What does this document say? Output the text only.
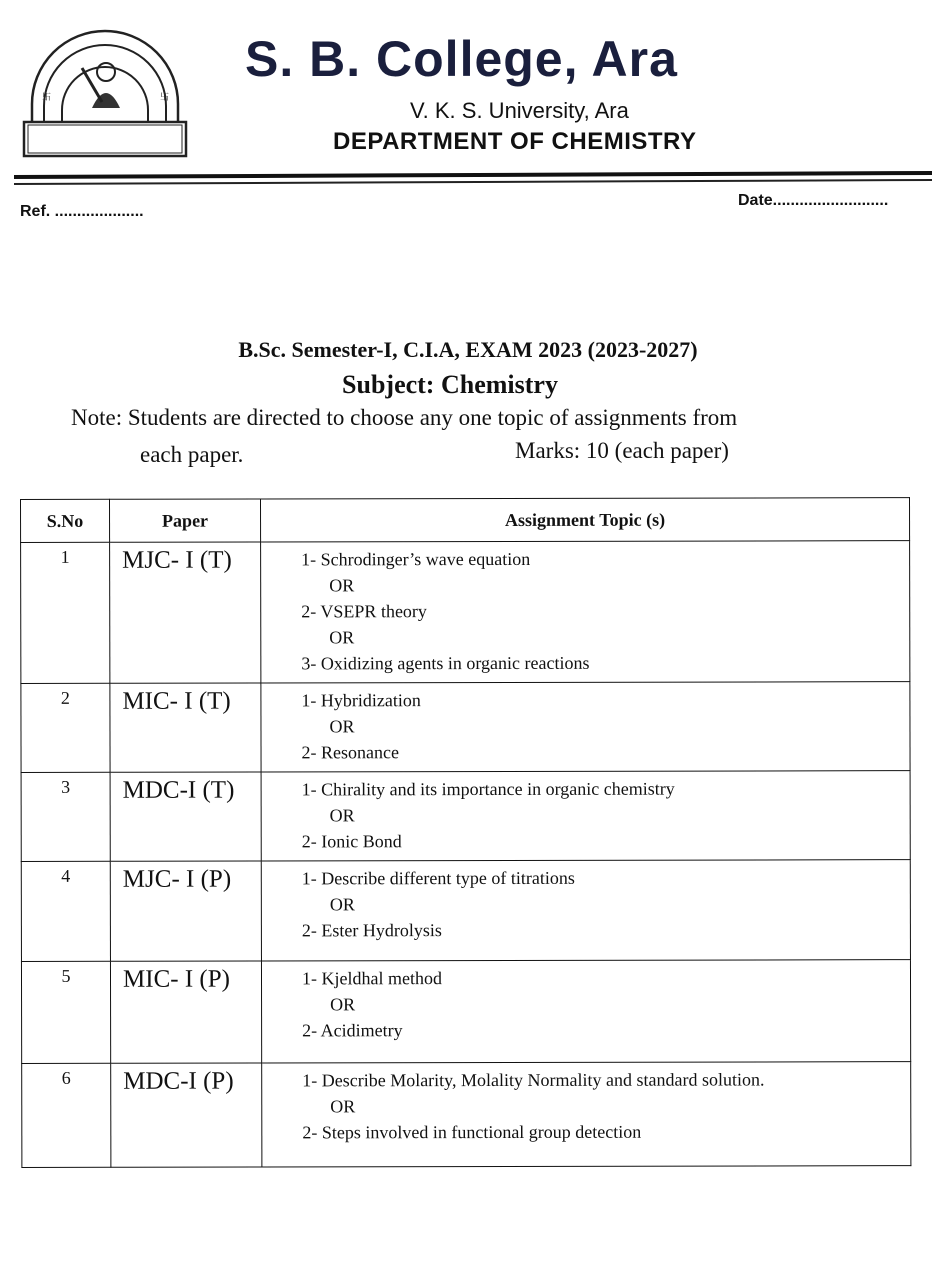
卐	卐
S. B. College, Ara
V. K. S. University, Ara
DEPARTMENT OF CHEMISTRY
Ref. ....................
Date..........................
B.Sc. Semester-I, C.I.A, EXAM 2023 (2023-2027)
Subject: Chemistry
Note: Students are directed to choose any one topic of assignments from
each paper.	Marks: 10 (each paper)
S.No	Paper	Assignment Topic (s)
1	MJC- I (T)	1- Schrodinger’s wave equation
OR
2- VSEPR theory
OR
3- Oxidizing agents in organic reactions

2	MIC- I (T)	1- Hybridization
OR
2- Resonance

3	MDC-I (T)	1- Chirality and its importance in organic chemistry
OR
2- Ionic Bond

4	MJC- I (P)	1- Describe different type of titrations
OR
2- Ester Hydrolysis

5	MIC- I (P)	1- Kjeldhal method
OR
2- Acidimetry

6	MDC-I (P)	1- Describe Molarity, Molality Normality and standard solution.
OR
2- Steps involved in functional group detection
